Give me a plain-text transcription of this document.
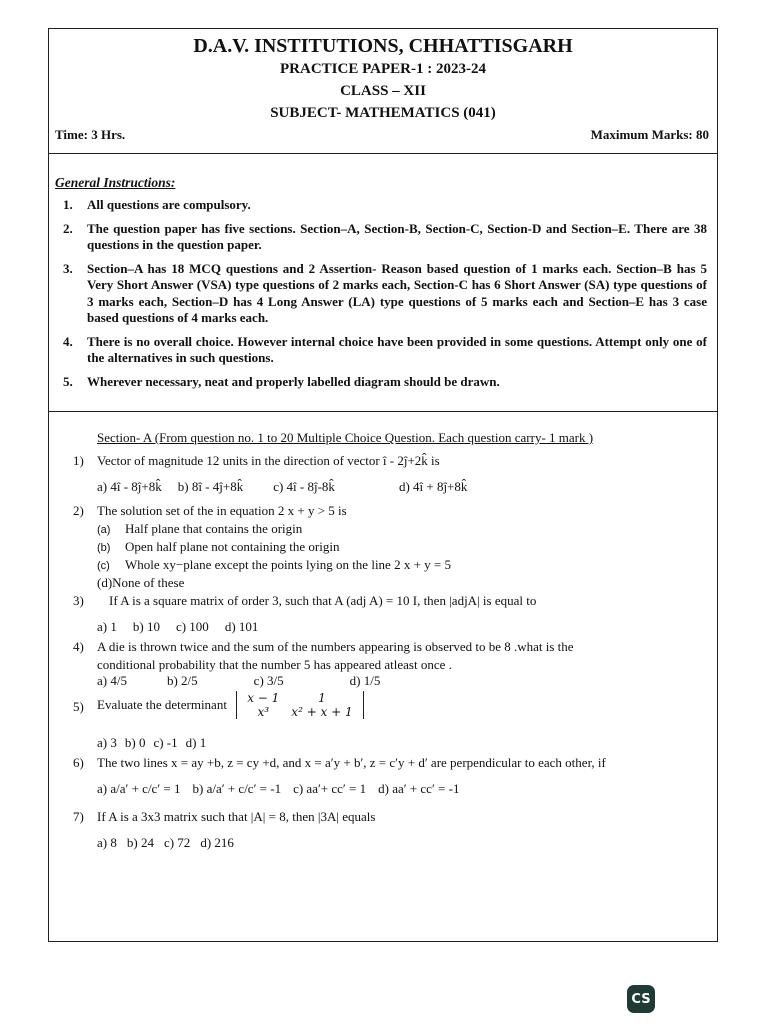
D.A.V. INSTITUTIONS, CHHATTISGARH
PRACTICE PAPER-1 : 2023-24
CLASS – XII
SUBJECT- MATHEMATICS (041)
Time: 3 Hrs.	Maximum Marks: 80
General Instructions:
1.	All questions are compulsory.
2.	The question paper has five sections. Section–A, Section-B, Section-C, Section-D and Section–E. There are 38 questions in the question paper.
3.	Section–A has 18 MCQ questions and 2 Assertion- Reason based question of 1 marks each. Section–B has 5 Very Short Answer (VSA) type questions of 2 marks each, Section-C has 6 Short Answer (SA) type questions of 3 marks each, Section–D has 4 Long Answer (LA) type questions of 5 marks each and Section–E has 3 case based questions of 4 marks each.
4.	There is no overall choice. However internal choice have been provided in some questions. Attempt only one of the alternatives in such questions.
5.	Wherever necessary, neat and properly labelled diagram should be drawn.
Section- A (From question no. 1 to 20 Multiple Choice Question. Each question carry- 1 mark )
1) Vector of magnitude 12 units in the direction of vector î - 2ĵ+2k̂ is
a) 4î - 8ĵ+8k̂ b) 8î - 4ĵ+8k̂ c) 4î - 8ĵ-8k̂	d) 4î + 8ĵ+8k̂
2) The solution set of the in equation 2 x + y > 5 is
(a) Half plane that contains the origin
(b) Open half plane not containing the origin
(c) Whole xy−plane except the points lying on the line 2 x + y = 5
(d)None of these
3) If A is a square matrix of order 3, such that A (adj A) = 10 I, then |adjA| is equal to
a) 1 b) 10 c) 100 d) 101
4) A die is thrown twice and the sum of the numbers appearing is observed to be 8 .what is the
conditional probability that the number 5 has appeared atleast once .
a) 4/5	b) 2/5	c) 3/5	d) 1/5
5) Evaluate the determinant x − 1	1
x³	x² + x + 1
a) 3 b) 0 c) -1 d) 1
6) The two lines x = ay +b, z = cy +d, and x = a′y + b′, z = c′y + d′ are perpendicular to each other, if
a) a/a′ + c/c′ = 1 b) a/a′ + c/c′ = -1 c) aa′+ cc′ = 1 d) aa′ + cc′ = -1
7) If A is a 3x3 matrix such that |A| = 8, then |3A| equals
a) 8 b) 24 c) 72 d) 216
CS
